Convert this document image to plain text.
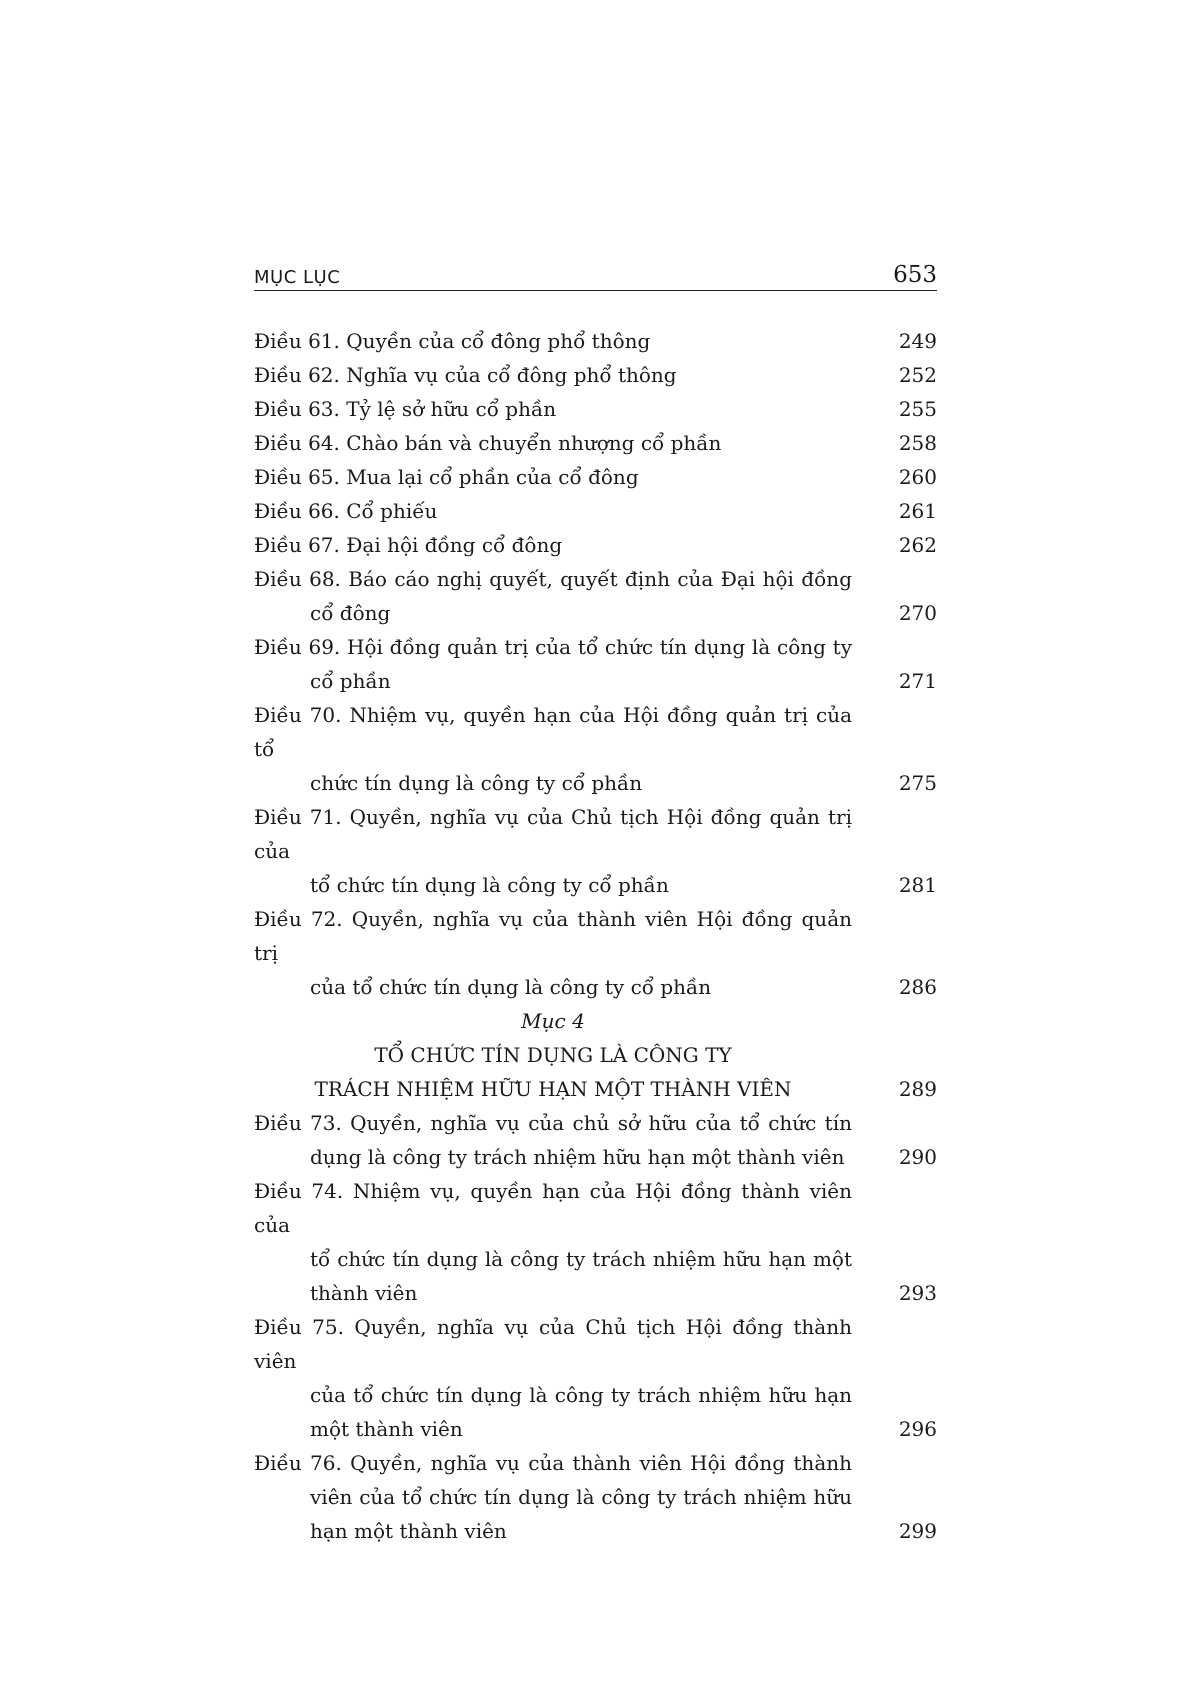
MỤC LỤC	653
Điều 61. Quyền của cổ đông phổ thông	249
Điều 62. Nghĩa vụ của cổ đông phổ thông	252
Điều 63. Tỷ lệ sở hữu cổ phần	255
Điều 64. Chào bán và chuyển nhượng cổ phần	258
Điều 65. Mua lại cổ phần của cổ đông	260
Điều 66. Cổ phiếu	261
Điều 67. Đại hội đồng cổ đông	262
Điều 68. Báo cáo nghị quyết, quyết định của Đại hội đồng
cổ đông	270
Điều 69. Hội đồng quản trị của tổ chức tín dụng là công ty
cổ phần	271
Điều 70. Nhiệm vụ, quyền hạn của Hội đồng quản trị của tổ
chức tín dụng là công ty cổ phần	275
Điều 71. Quyền, nghĩa vụ của Chủ tịch Hội đồng quản trị của
tổ chức tín dụng là công ty cổ phần	281
Điều 72. Quyền, nghĩa vụ của thành viên Hội đồng quản trị
của tổ chức tín dụng là công ty cổ phần	286
Mục 4
TỔ CHỨC TÍN DỤNG LÀ CÔNG TY
TRÁCH NHIỆM HỮU HẠN MỘT THÀNH VIÊN	289
Điều 73. Quyền, nghĩa vụ của chủ sở hữu của tổ chức tín
dụng là công ty trách nhiệm hữu hạn một thành viên	290
Điều 74. Nhiệm vụ, quyền hạn của Hội đồng thành viên của
tổ chức tín dụng là công ty trách nhiệm hữu hạn một
thành viên	293
Điều 75. Quyền, nghĩa vụ của Chủ tịch Hội đồng thành viên
của tổ chức tín dụng là công ty trách nhiệm hữu hạn
một thành viên	296
Điều 76. Quyền, nghĩa vụ của thành viên Hội đồng thành
viên của tổ chức tín dụng là công ty trách nhiệm hữu
hạn một thành viên	299
